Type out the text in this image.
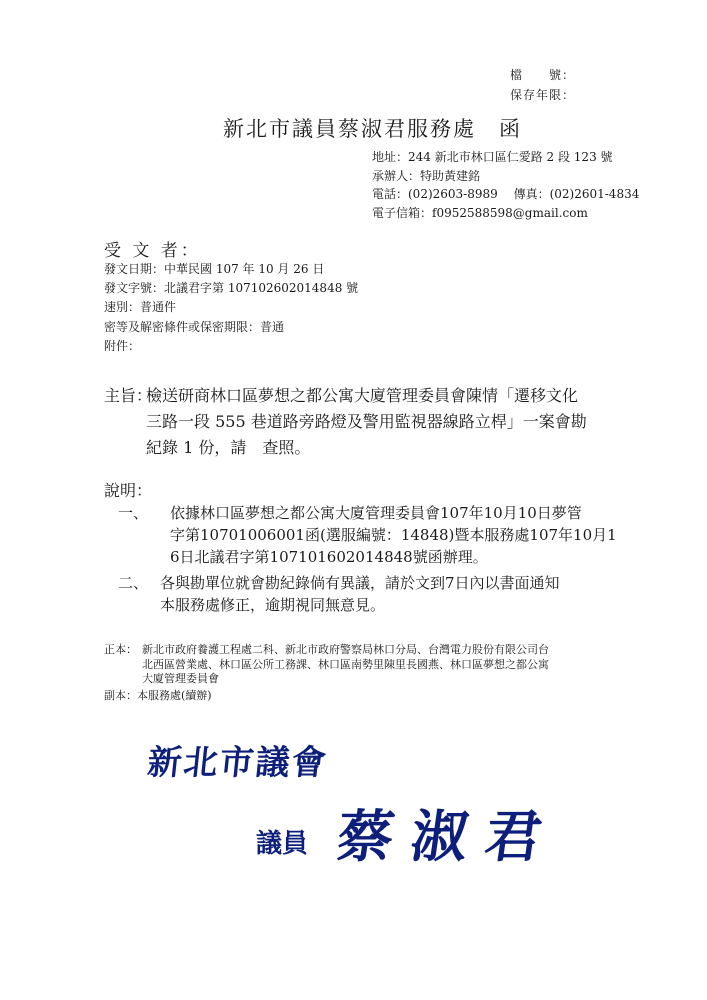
檔　　號：
保存年限：
新北市議員蔡淑君服務處　函
地址：244 新北市林口區仁愛路 2 段 123 號
承辦人：特助黃建銘
電話：(02)2603-8989　 傳真：(02)2601-4834
電子信箱：f0952588598@gmail.com
受 文 者：
發文日期：中華民國 107 年 10 月 26 日
發文字號：北議君字第 107102602014848 號
速別：普通件
密等及解密條件或保密期限：普通
附件：
主旨：
檢送研商林口區夢想之都公寓大廈管理委員會陳情「遷移文化
三路一段 555 巷道路旁路燈及警用監視器線路立桿」一案會勘
紀錄 1 份，請　查照。
說明：
一、 依據林口區夢想之都公寓大廈管理委員會107年10月10日夢管
字第10701006001函(選服編號：14848)暨本服務處107年10月1
6日北議君字第107101602014848號函辦理。
二、 各與勘單位就會勘紀錄倘有異議，請於文到7日內以書面通知
本服務處修正，逾期視同無意見。
正本： 新北市政府養護工程處二科、新北市政府警察局林口分局、台灣電力股份有限公司台
北西區營業處、林口區公所工務課、林口區南勢里陳里長國燕、林口區夢想之都公寓
大廈管理委員會
副本：本服務處(續辦)
新北市議會
議員 蔡淑君
